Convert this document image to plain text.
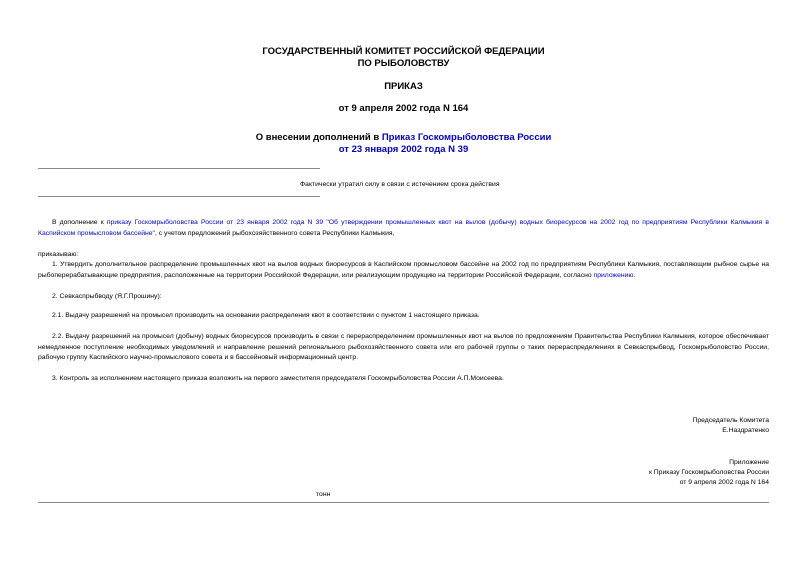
ГОСУДАРСТВЕННЫЙ КОМИТЕТ РОССИЙСКОЙ ФЕДЕРАЦИИ
ПО РЫБОЛОВСТВУ
ПРИКАЗ
от 9 апреля 2002 года N 164
О внесении дополнений в Приказ Госкомрыболовства России
от 23 января 2002 года N 39
Фактически утратил силу в связи с истечением срока действия
В дополнение к приказу Госкомрыболовства России от 23 января 2002 года N 39 "Об утверждении промышленных квот на вылов (добычу) водных биоресурсов на 2002 год по предприятиям Республики Калмыкия в Каспийском промысловом бассейне", с учетом предложений рыбохозяйственного совета Республики Калмыкия,
приказываю:
1. Утвердить дополнительное распределение промышленных квот на вылов водных биоресурсов в Каспийском промысловом бассейне на 2002 год по предприятиям Республики Калмыкия, поставляющим рыбное сырье на рыбоперерабатывающие предприятия, расположенные на территории Российской Федерации, или реализующим продукцию на территории Российской Федерации, согласно приложению.
2. Севкаспрыбводу (Я.Г.Прошину):
2.1. Выдачу разрешений на промысел производить на основании распределения квот в соответствии с пунктом 1 настоящего приказа.
2.2. Выдачу разрешений на промысел (добычу) водных биоресурсов производить в связи с перераспределением промышленных квот на вылов по предложениям Правительства Республики Калмыкия, которое обеспечивает немедленное поступление необходимых уведомлений и направление решений регионального рыбохозяйственного совета или его рабочей группы о таких перераспределениях в Севкаспрыбвод, Госкомрыболовство России, рабочую группу Каспийского научно-промыслового совета и в бассейновый информационный центр.
3. Контроль за исполнением настоящего приказа возложить на первого заместителя председателя Госкомрыболовства России А.П.Моисеева.
Председатель Комитета
Е.Наздратенко
Приложение
к Приказу Госкомрыболовства России
от 9 апреля 2002 года N 164
тонн
